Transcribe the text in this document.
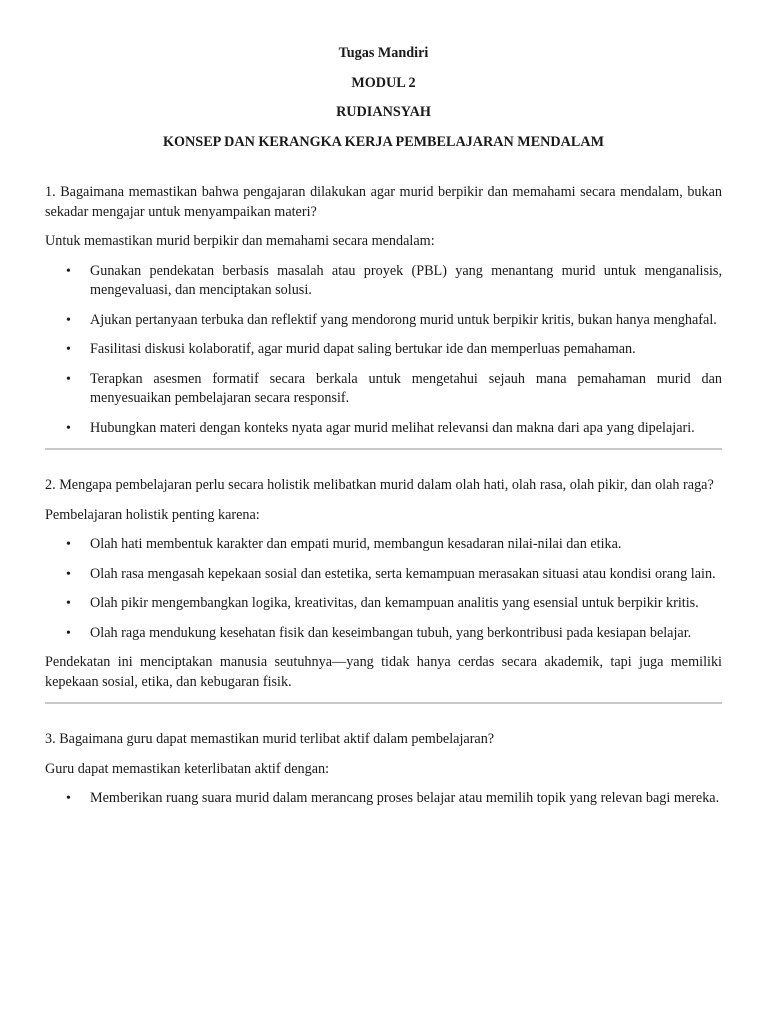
Tugas Mandiri

MODUL 2

RUDIANSYAH

KONSEP DAN KERANGKA KERJA PEMBELAJARAN MENDALAM

1. Bagaimana memastikan bahwa pengajaran dilakukan agar murid berpikir dan memahami secara mendalam, bukan sekadar mengajar untuk menyampaikan materi?

Untuk memastikan murid berpikir dan memahami secara mendalam:

• Gunakan pendekatan berbasis masalah atau proyek (PBL) yang menantang murid untuk menganalisis, mengevaluasi, dan menciptakan solusi.
• Ajukan pertanyaan terbuka dan reflektif yang mendorong murid untuk berpikir kritis, bukan hanya menghafal.
• Fasilitasi diskusi kolaboratif, agar murid dapat saling bertukar ide dan memperluas pemahaman.
• Terapkan asesmen formatif secara berkala untuk mengetahui sejauh mana pemahaman murid dan menyesuaikan pembelajaran secara responsif.
• Hubungkan materi dengan konteks nyata agar murid melihat relevansi dan makna dari apa yang dipelajari.

2. Mengapa pembelajaran perlu secara holistik melibatkan murid dalam olah hati, olah rasa, olah pikir, dan olah raga?

Pembelajaran holistik penting karena:

• Olah hati membentuk karakter dan empati murid, membangun kesadaran nilai-nilai dan etika.
• Olah rasa mengasah kepekaan sosial dan estetika, serta kemampuan merasakan situasi atau kondisi orang lain.
• Olah pikir mengembangkan logika, kreativitas, dan kemampuan analitis yang esensial untuk berpikir kritis.
• Olah raga mendukung kesehatan fisik dan keseimbangan tubuh, yang berkontribusi pada kesiapan belajar.

Pendekatan ini menciptakan manusia seutuhnya—yang tidak hanya cerdas secara akademik, tapi juga memiliki kepekaan sosial, etika, dan kebugaran fisik.

3. Bagaimana guru dapat memastikan murid terlibat aktif dalam pembelajaran?

Guru dapat memastikan keterlibatan aktif dengan:

• Memberikan ruang suara murid dalam merancang proses belajar atau memilih topik yang relevan bagi mereka.
